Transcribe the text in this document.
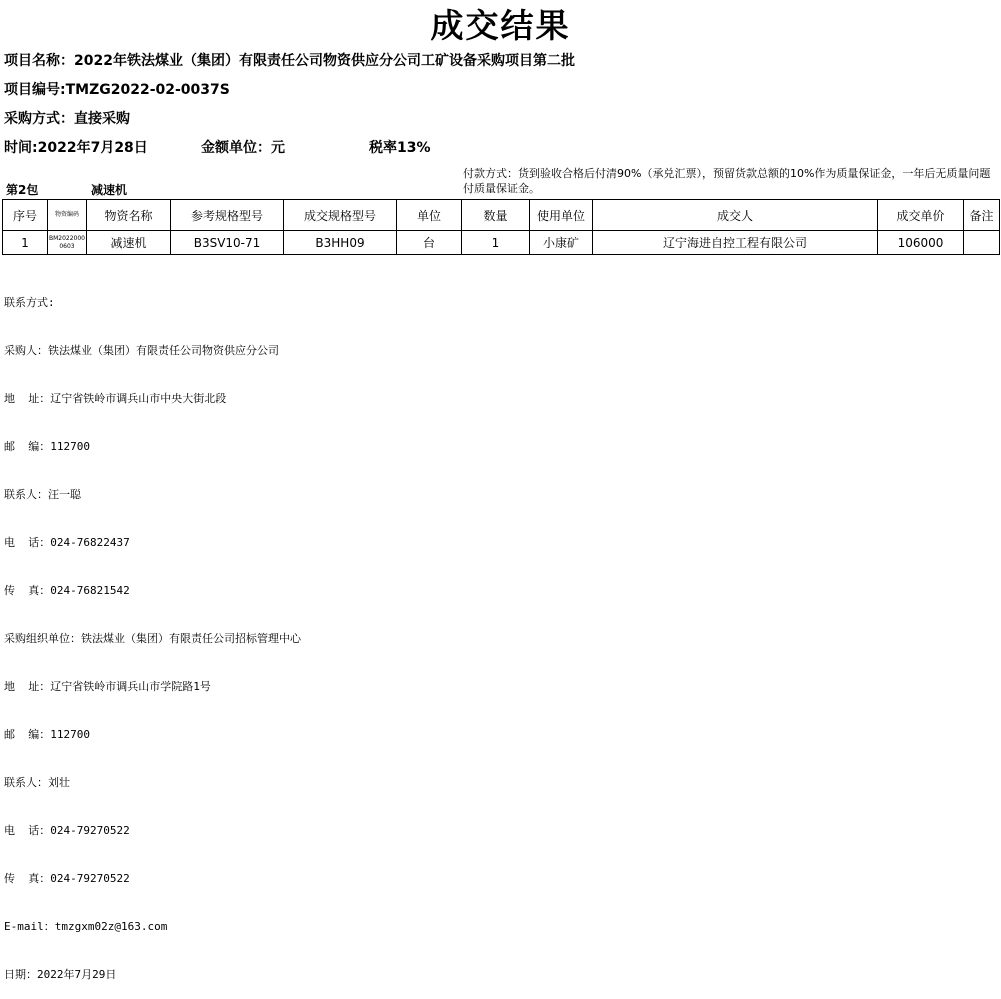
成交结果
项目名称：2022年铁法煤业（集团）有限责任公司物资供应分公司工矿设备采购项目第二批
项目编号:TMZG2022-02-0037S
采购方式：直接采购
时间:2022年7月28日	金额单位：元	税率13%
付款方式：货到验收合格后付清90%（承兑汇票），预留货款总额的10%作为质量保证金，一年后无质量问题付质量保证金。
第2包	减速机
序号	物资编码	物资名称	参考规格型号	成交规格型号	单位	数量	使用单位	成交人	成交单价	备注
1	BM2022000 0603	减速机	B3SV10-71	B3HH09	台	1	小康矿	辽宁海进自控工程有限公司	106000	

联系方式:

采购人：铁法煤业（集团）有限责任公司物资供应分公司

地  址：辽宁省铁岭市调兵山市中央大街北段

邮  编：112700

联系人：汪一聪

电  话：024-76822437

传  真：024-76821542

采购组织单位：铁法煤业（集团）有限责任公司招标管理中心

地  址：辽宁省铁岭市调兵山市学院路1号

邮  编：112700

联系人：刘壮

电  话：024-79270522

传  真：024-79270522

E-mail：tmzgxm02z@163.com

日期：2022年7月29日
